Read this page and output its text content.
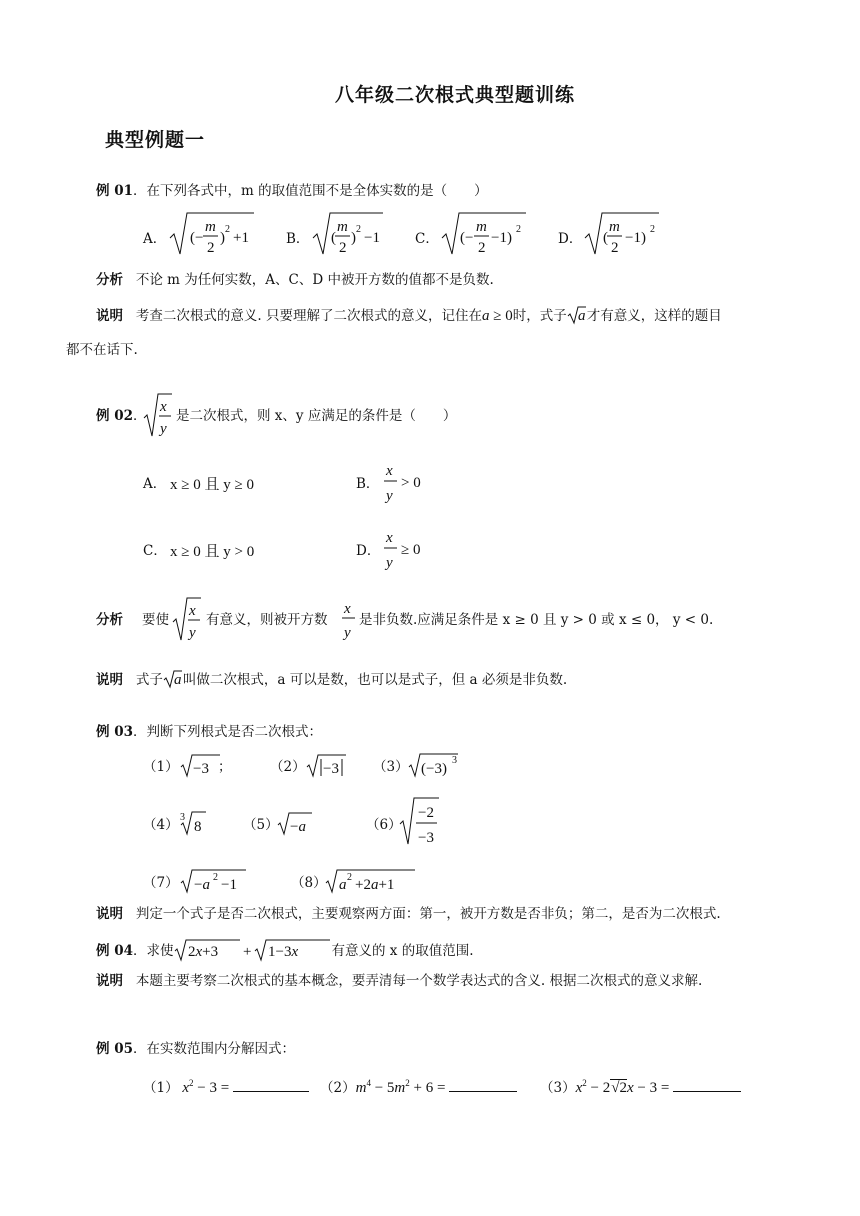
八年级二次根式典型题训练
典型例题一
例 01．在下列各式中，m 的取值范围不是全体实数的是（　　）
A． (−
m
2
)
2
+1	B． (
m
2
)
2
−1	C． (−
m
2
−1)
2
D． (
m
2
−1)
2
分析 不论 m 为任何实数，A、C、D 中被开方数的值都不是负数.
说明 考查二次根式的意义. 只要理解了二次根式的意义，记住在a ≥ 0时，式子 a 才有意义，这样的题目
都不在话下.
例 02．
x
y
是二次根式，则 x、y 应满足的条件是（　　）
A． x ≥ 0 且 y ≥ 0	B．
x
y
> 0
C． x ≥ 0 且 y > 0	D．
x
y
≥ 0
分析 要使
x
y
有意义，则被开方数
x
y
是非负数.应满足条件是 x ≥ 0 且 y > 0 或 x ≤ 0， y < 0.
说明 式子 a 叫做二次根式，a 可以是数，也可以是式子，但 a 必须是非负数.
例 03．判断下列根式是否二次根式：
（1） −3 ；	（2） −3	（3） (−3)
3
（4） 3
8	（5） −a	（6）
−2
−3
（7） −a 2 −1	（8） a 2 +2a+1
说明 判定一个式子是否二次根式，主要观察两方面：第一，被开方数是否非负；第二，是否为二次根式.
例 04．求使 2x+3 + 1−3x	有意义的 x 的取值范围.
说明 本题主要考察二次根式的基本概念，要弄清每一个数学表达式的含义. 根据二次根式的意义求解.
例 05．在实数范围内分解因式：
（1） $x^2 - 3$ =	$(2)m^4 - 5m^2 + 6$ =	$(3)x^2 - 2√2x - 3$ =
